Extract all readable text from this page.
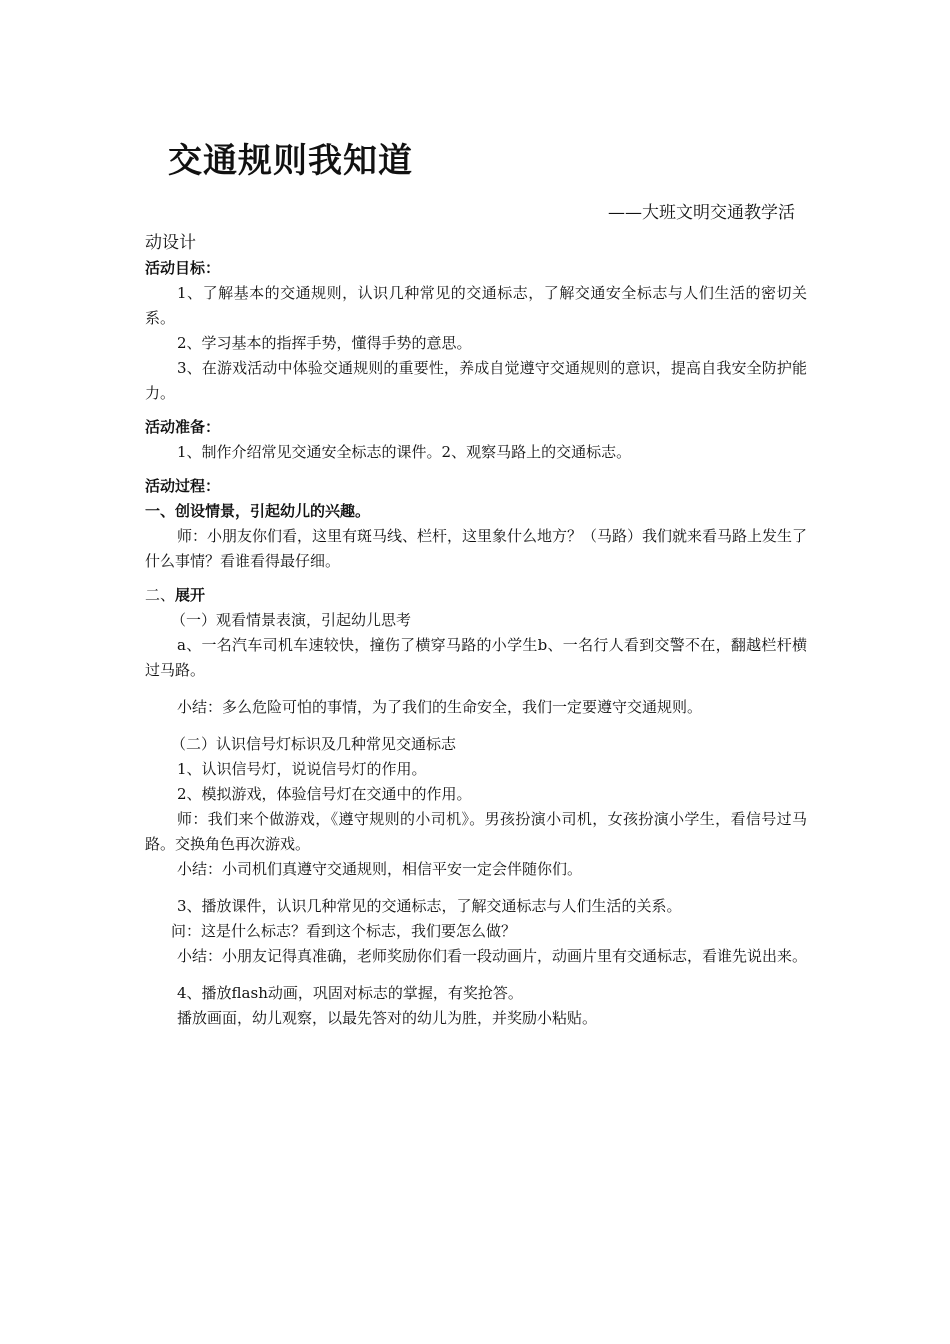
交通规则我知道
——大班文明交通教学活
动设计

活动目标：

1、了解基本的交通规则，认识几种常见的交通标志，了解交通安全标志与人们生活的密切关系。

2、学习基本的指挥手势，懂得手势的意思。

3、在游戏活动中体验交通规则的重要性，养成自觉遵守交通规则的意识，提高自我安全防护能力。

活动准备：

1、制作介绍常见交通安全标志的课件。2、观察马路上的交通标志。

活动过程：

一、创设情景，引起幼儿的兴趣。

师：小朋友你们看，这里有斑马线、栏杆，这里象什么地方？（马路）我们就来看马路上发生了什么事情？看谁看得最仔细。

二、展开

（一）观看情景表演，引起幼儿思考

a、一名汽车司机车速较快，撞伤了横穿马路的小学生b、一名行人看到交警不在，翻越栏杆横过马路。

小结：多么危险可怕的事情，为了我们的生命安全，我们一定要遵守交通规则。

（二）认识信号灯标识及几种常见交通标志

1、认识信号灯，说说信号灯的作用。

2、模拟游戏，体验信号灯在交通中的作用。

师：我们来个做游戏，《遵守规则的小司机》。男孩扮演小司机，女孩扮演小学生，看信号过马路。交换角色再次游戏。

小结：小司机们真遵守交通规则，相信平安一定会伴随你们。

3、播放课件，认识几种常见的交通标志，了解交通标志与人们生活的关系。

问：这是什么标志？看到这个标志，我们要怎么做？

小结：小朋友记得真准确，老师奖励你们看一段动画片，动画片里有交通标志，看谁先说出来。

4、播放flash动画，巩固对标志的掌握，有奖抢答。

播放画面，幼儿观察，以最先答对的幼儿为胜，并奖励小粘贴。
